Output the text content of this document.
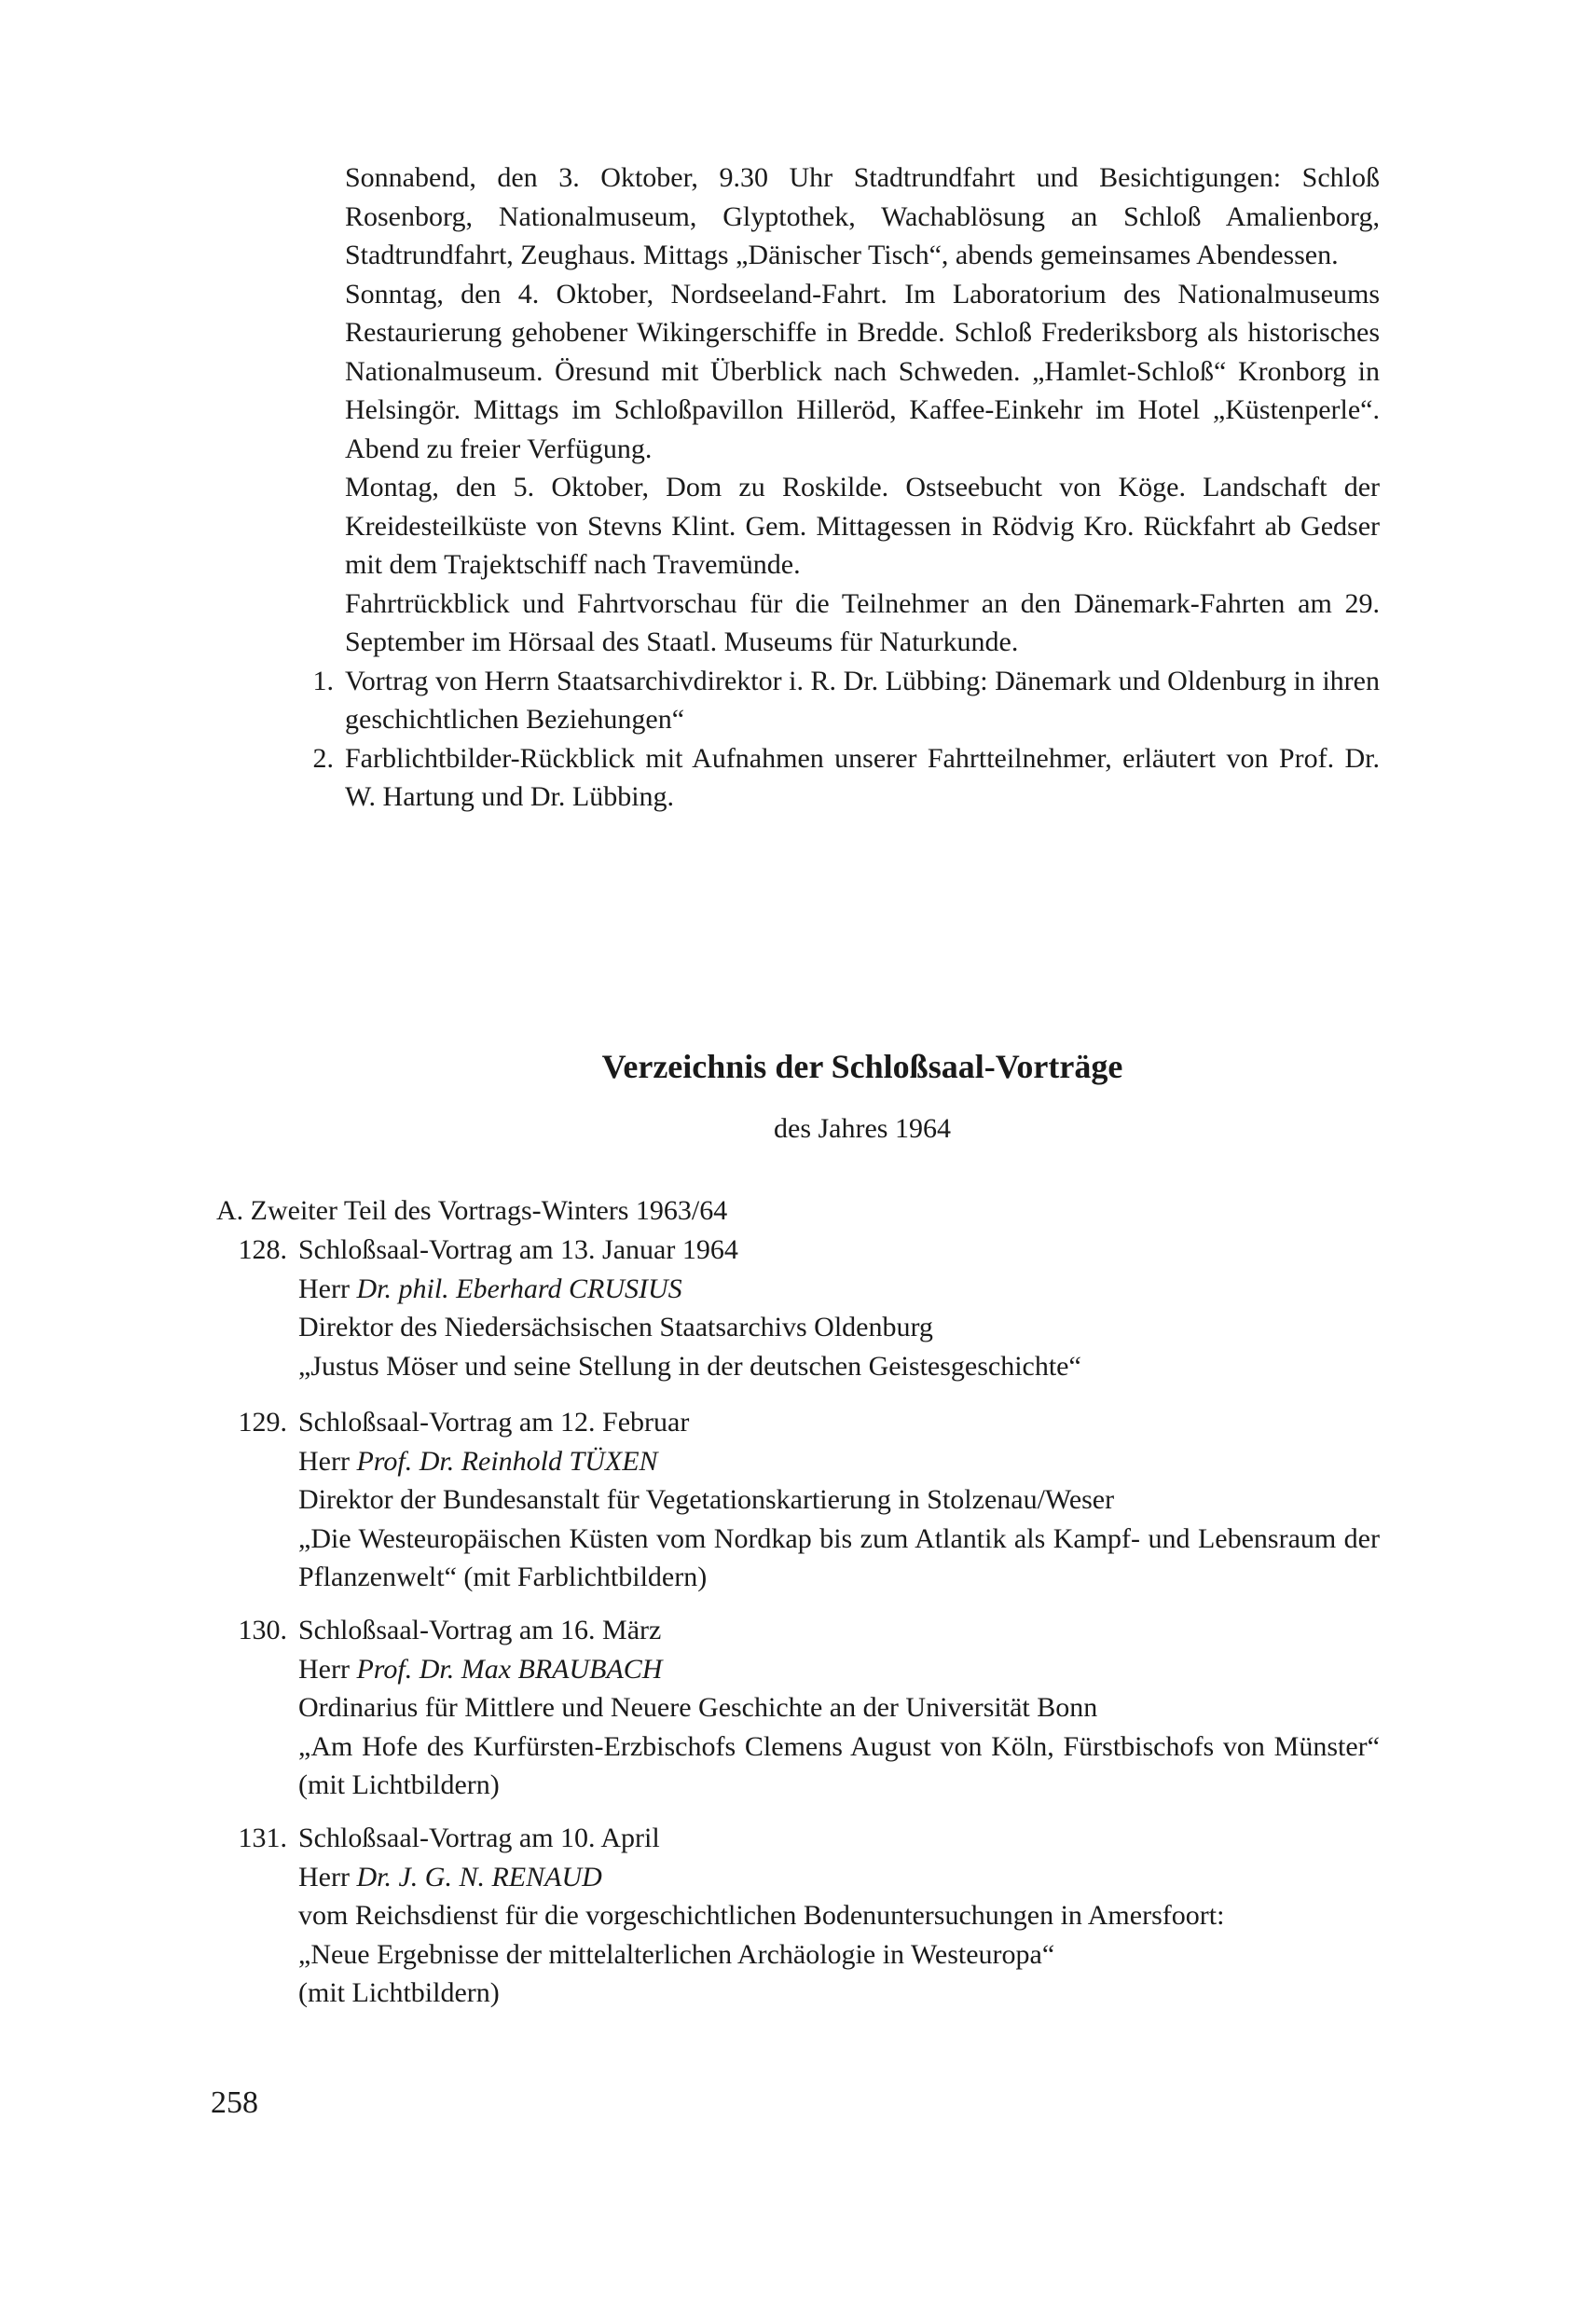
Sonnabend, den 3. Oktober, 9.30 Uhr Stadtrundfahrt und Besichtigungen: Schloß Rosenborg, Nationalmuseum, Glyptothek, Wachablösung an Schloß Amalienborg, Stadtrundfahrt, Zeughaus. Mittags „Dänischer Tisch“, abends gemeinsames Abendessen.

Sonntag, den 4. Oktober, Nordseeland-Fahrt. Im Laboratorium des Nationalmuseums Restaurierung gehobener Wikingerschiffe in Bredde. Schloß Frederiksborg als historisches Nationalmuseum. Öresund mit Überblick nach Schweden. „Hamlet-Schloß“ Kronborg in Helsingör. Mittags im Schloßpavillon Hilleröd, Kaffee-Einkehr im Hotel „Küstenperle“. Abend zu freier Verfügung.

Montag, den 5. Oktober, Dom zu Roskilde. Ostseebucht von Köge. Landschaft der Kreidesteilküste von Stevns Klint. Gem. Mittagessen in Rödvig Kro. Rückfahrt ab Gedser mit dem Trajektschiff nach Travemünde.

Fahrtrückblick und Fahrtvorschau für die Teilnehmer an den Dänemark-Fahrten am 29. September im Hörsaal des Staatl. Museums für Naturkunde.

1. Vortrag von Herrn Staatsarchivdirektor i. R. Dr. Lübbing: Dänemark und Oldenburg in ihren geschichtlichen Beziehungen“

2. Farblichtbilder-Rückblick mit Aufnahmen unserer Fahrtteilnehmer, erläutert von Prof. Dr. W. Hartung und Dr. Lübbing.

Verzeichnis der Schloßsaal-Vorträge
des Jahres 1964
A. Zweiter Teil des Vortrags-Winters 1963/64
128. Schloßsaal-Vortrag am 13. Januar 1964

Herr Dr. phil. Eberhard CRUSIUS

Direktor des Niedersächsischen Staatsarchivs Oldenburg

„Justus Möser und seine Stellung in der deutschen Geistesgeschichte“

129. Schloßsaal-Vortrag am 12. Februar

Herr Prof. Dr. Reinhold TÜXEN

Direktor der Bundesanstalt für Vegetationskartierung in Stolzenau/Weser

„Die Westeuropäischen Küsten vom Nordkap bis zum Atlantik als Kampf- und Lebensraum der Pflanzenwelt“ (mit Farblichtbildern)

130. Schloßsaal-Vortrag am 16. März

Herr Prof. Dr. Max BRAUBACH

Ordinarius für Mittlere und Neuere Geschichte an der Universität Bonn

„Am Hofe des Kurfürsten-Erzbischofs Clemens August von Köln, Fürstbischofs von Münster“ (mit Lichtbildern)

131. Schloßsaal-Vortrag am 10. April

Herr Dr. J. G. N. RENAUD

vom Reichsdienst für die vorgeschichtlichen Bodenuntersuchungen in Amersfoort:

„Neue Ergebnisse der mittelalterlichen Archäologie in Westeuropa“

(mit Lichtbildern)

258
